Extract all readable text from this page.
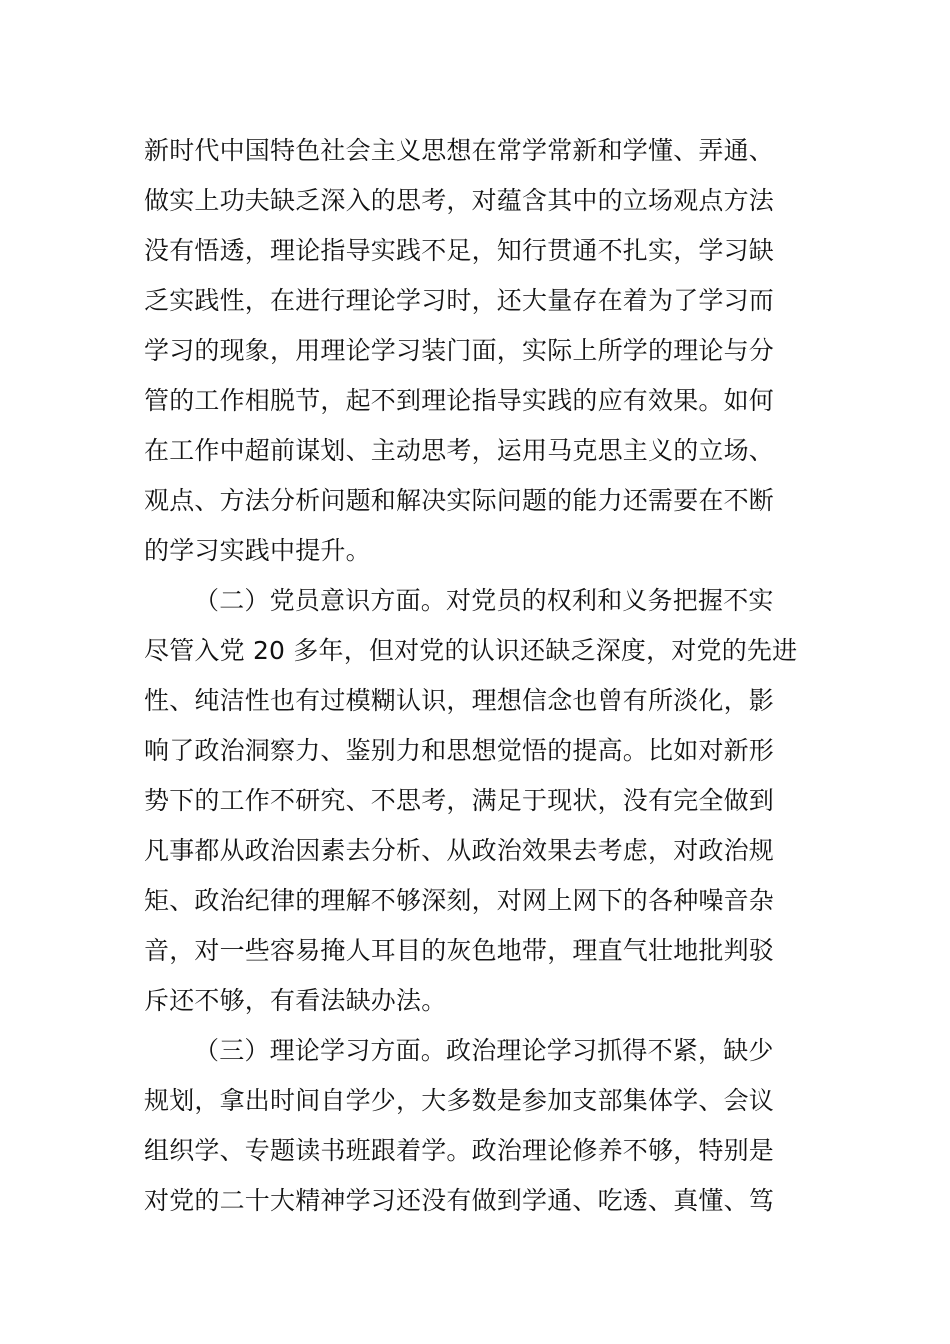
新时代中国特色社会主义思想在常学常新和学懂、弄通、
做实上功夫缺乏深入的思考，对蕴含其中的立场观点方法
没有悟透，理论指导实践不足，知行贯通不扎实，学习缺
乏实践性，在进行理论学习时，还大量存在着为了学习而
学习的现象，用理论学习装门面，实际上所学的理论与分
管的工作相脱节，起不到理论指导实践的应有效果。如何
在工作中超前谋划、主动思考，运用马克思主义的立场、
观点、方法分析问题和解决实际问题的能力还需要在不断
的学习实践中提升。
（二）党员意识方面。对党员的权利和义务把握不实
尽管入党 20 多年，但对党的认识还缺乏深度，对党的先进
性、纯洁性也有过模糊认识，理想信念也曾有所淡化，影
响了政治洞察力、鉴别力和思想觉悟的提高。比如对新形
势下的工作不研究、不思考，满足于现状，没有完全做到
凡事都从政治因素去分析、从政治效果去考虑，对政治规
矩、政治纪律的理解不够深刻，对网上网下的各种噪音杂
音，对一些容易掩人耳目的灰色地带，理直气壮地批判驳
斥还不够，有看法缺办法。
（三）理论学习方面。政治理论学习抓得不紧，缺少
规划，拿出时间自学少，大多数是参加支部集体学、会议
组织学、专题读书班跟着学。政治理论修养不够，特别是
对党的二十大精神学习还没有做到学通、吃透、真懂、笃
